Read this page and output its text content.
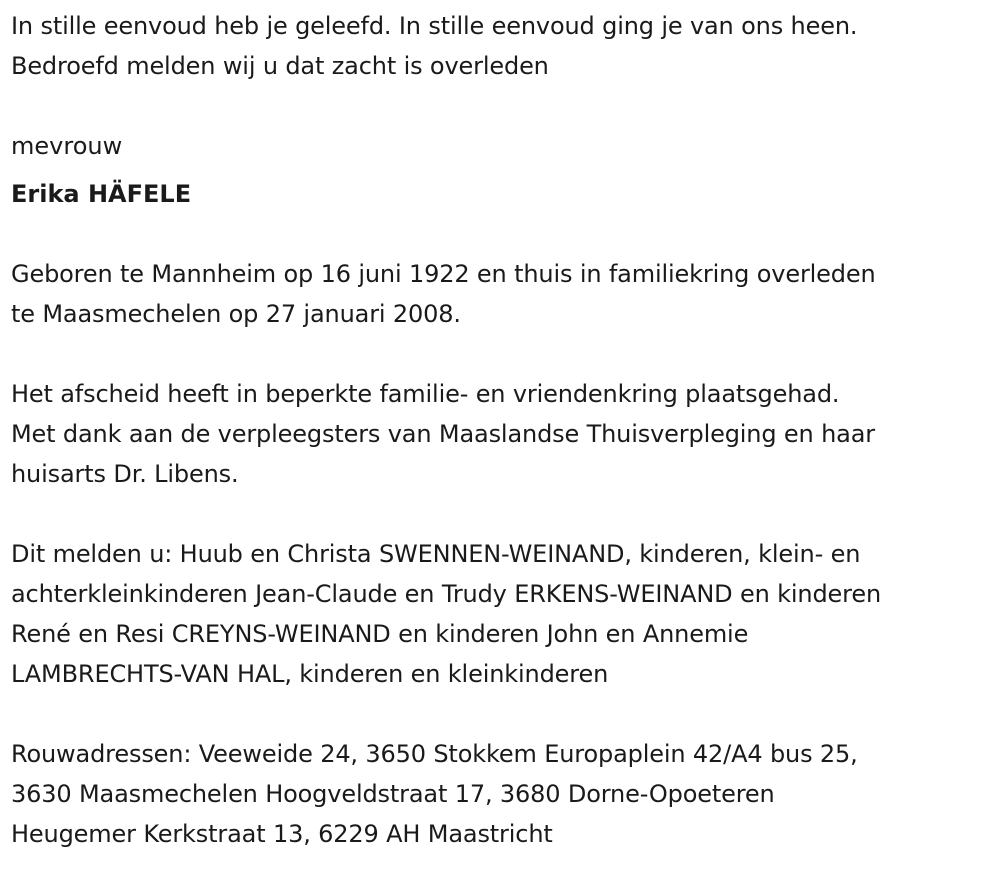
In stille eenvoud heb je geleefd. In stille eenvoud ging je van ons heen.
Bedroefd melden wij u dat zacht is overleden
mevrouw
Erika HÄFELE
Geboren te Mannheim op 16 juni 1922 en thuis in familiekring overleden
te Maasmechelen op 27 januari 2008.
Het afscheid heeft in beperkte familie- en vriendenkring plaatsgehad.
Met dank aan de verpleegsters van Maaslandse Thuisverpleging en haar
huisarts Dr. Libens.
Dit melden u: Huub en Christa SWENNEN-WEINAND, kinderen, klein- en
achterkleinkinderen Jean-Claude en Trudy ERKENS-WEINAND en kinderen
René en Resi CREYNS-WEINAND en kinderen John en Annemie
LAMBRECHTS-VAN HAL, kinderen en kleinkinderen
Rouwadressen: Veeweide 24, 3650 Stokkem Europaplein 42/A4 bus 25,
3630 Maasmechelen Hoogveldstraat 17, 3680 Dorne-Opoeteren
Heugemer Kerkstraat 13, 6229 AH Maastricht
